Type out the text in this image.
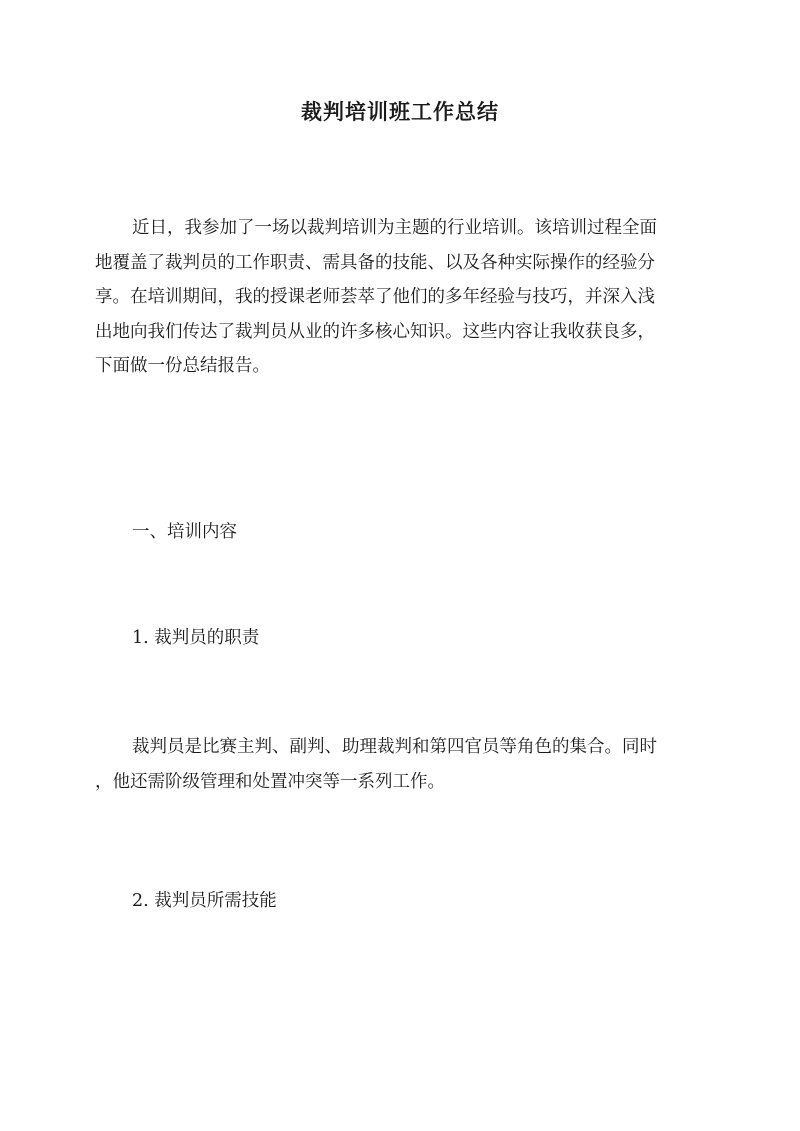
裁判培训班工作总结

近日，我参加了一场以裁判培训为主题的行业培训。该培训过程全面
地覆盖了裁判员的工作职责、需具备的技能、以及各种实际操作的经验分
享。在培训期间，我的授课老师荟萃了他们的多年经验与技巧，并深入浅
出地向我们传达了裁判员从业的许多核心知识。这些内容让我收获良多，
下面做一份总结报告。

一、培训内容

1. 裁判员的职责

裁判员是比赛主判、副判、助理裁判和第四官员等角色的集合。同时
，他还需阶级管理和处置冲突等一系列工作。

2. 裁判员所需技能
